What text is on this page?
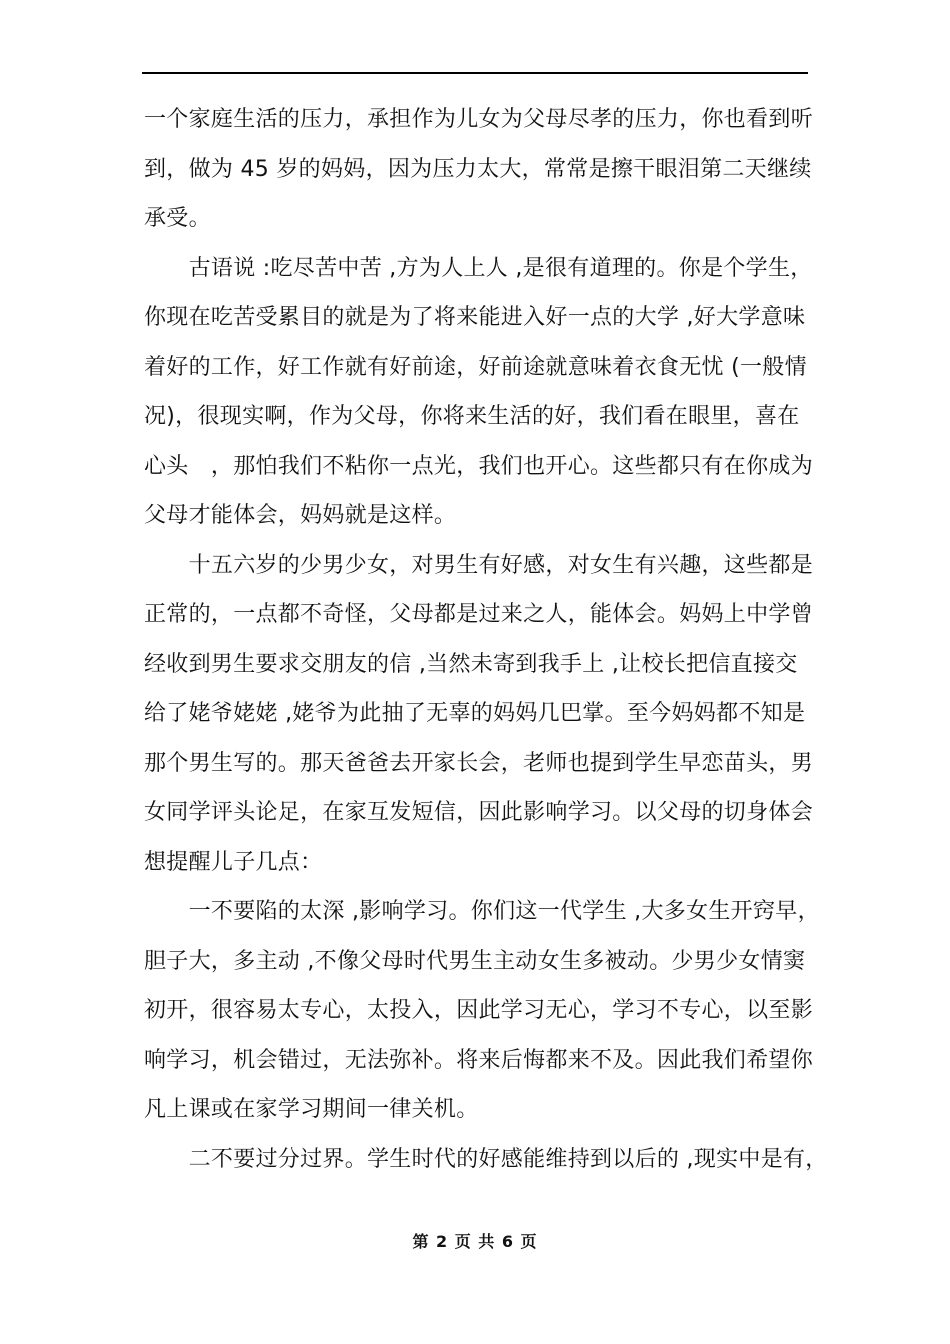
一个家庭生活的压力，承担作为儿女为父母尽孝的压力，你也看到听

到，做为 45 岁的妈妈，因为压力太大，常常是擦干眼泪第二天继续

承受。

　　古语说 :吃尽苦中苦 ,方为人上人 ,是很有道理的。你是个学生，

你现在吃苦受累目的就是为了将来能进入好一点的大学 ,好大学意味

着好的工作，好工作就有好前途，好前途就意味着衣食无忧 (一般情

况)，很现实啊，作为父母，你将来生活的好，我们看在眼里，喜在

心头　，那怕我们不粘你一点光，我们也开心。这些都只有在你成为

父母才能体会，妈妈就是这样。

　　十五六岁的少男少女，对男生有好感，对女生有兴趣，这些都是

正常的，一点都不奇怪，父母都是过来之人，能体会。妈妈上中学曾

经收到男生要求交朋友的信 ,当然未寄到我手上 ,让校长把信直接交

给了姥爷姥姥 ,姥爷为此抽了无辜的妈妈几巴掌。至今妈妈都不知是

那个男生写的。那天爸爸去开家长会，老师也提到学生早恋苗头，男

女同学评头论足，在家互发短信，因此影响学习。以父母的切身体会

想提醒儿子几点：

　　一不要陷的太深 ,影响学习。你们这一代学生 ,大多女生开窍早，

胆子大，多主动 ,不像父母时代男生主动女生多被动。少男少女情窦

初开，很容易太专心，太投入，因此学习无心，学习不专心，以至影

响学习，机会错过，无法弥补。将来后悔都来不及。因此我们希望你

凡上课或在家学习期间一律关机。

　　二不要过分过界。学生时代的好感能维持到以后的 ,现实中是有，

第 2 页 共 6 页
